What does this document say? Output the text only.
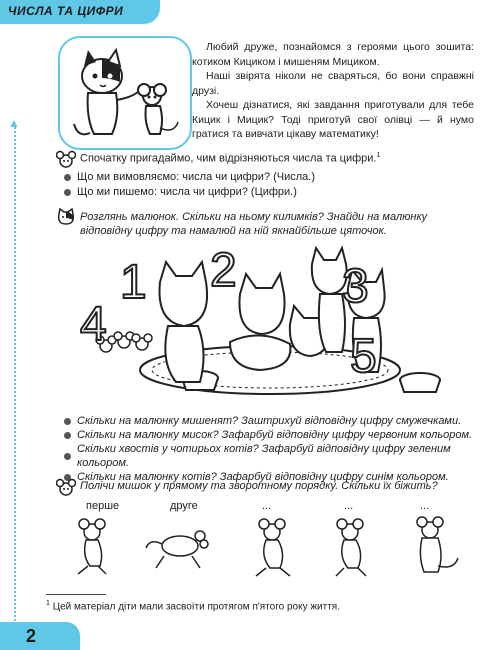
ЧИСЛА ТА ЦИФРИ

Любий друже, познайомся з героями цього зошита: котиком Кициком і мишеням Мициком.

Наші звірята ніколи не сваряться, бо вони справжні друзі.

Хочеш дізнатися, які завдання приготували для тебе Кицик і Мицик? Тоді приготуй свої олівці — й нумо гратися та вивчати цікаву математику!

▲
Спочатку пригадаймо, чим відрізняються числа та цифри.$^1$
Що ми вимовляємо: числа чи цифри? (Числа.)
Що ми пишемо: числа чи цифри? (Цифри.)
Розглянь малюнок. Скільки на ньому килимків? Знайди на малюнку відповідну цифру та намалюй на ній якнайбільше цяточок.
4
1 2 3
5
Скільки на малюнку мишенят? Заштрихуй відповідну цифру смужечками.
Скільки на малюнку мисок? Зафарбуй відповідну цифру червоним кольором.
Скільки хвостів у чотирьох котів? Зафарбуй відповідну цифру зеленим кольором.
Скільки на малюнку котів? Зафарбуй відповідну цифру синім кольором.
Полічи мишок у прямому та зворотному порядку. Скільки їх біжить?
перше	друге	...	...	...
$^1$ Цей матеріал діти мали засвоїти протягом п'ятого року життя.
2
